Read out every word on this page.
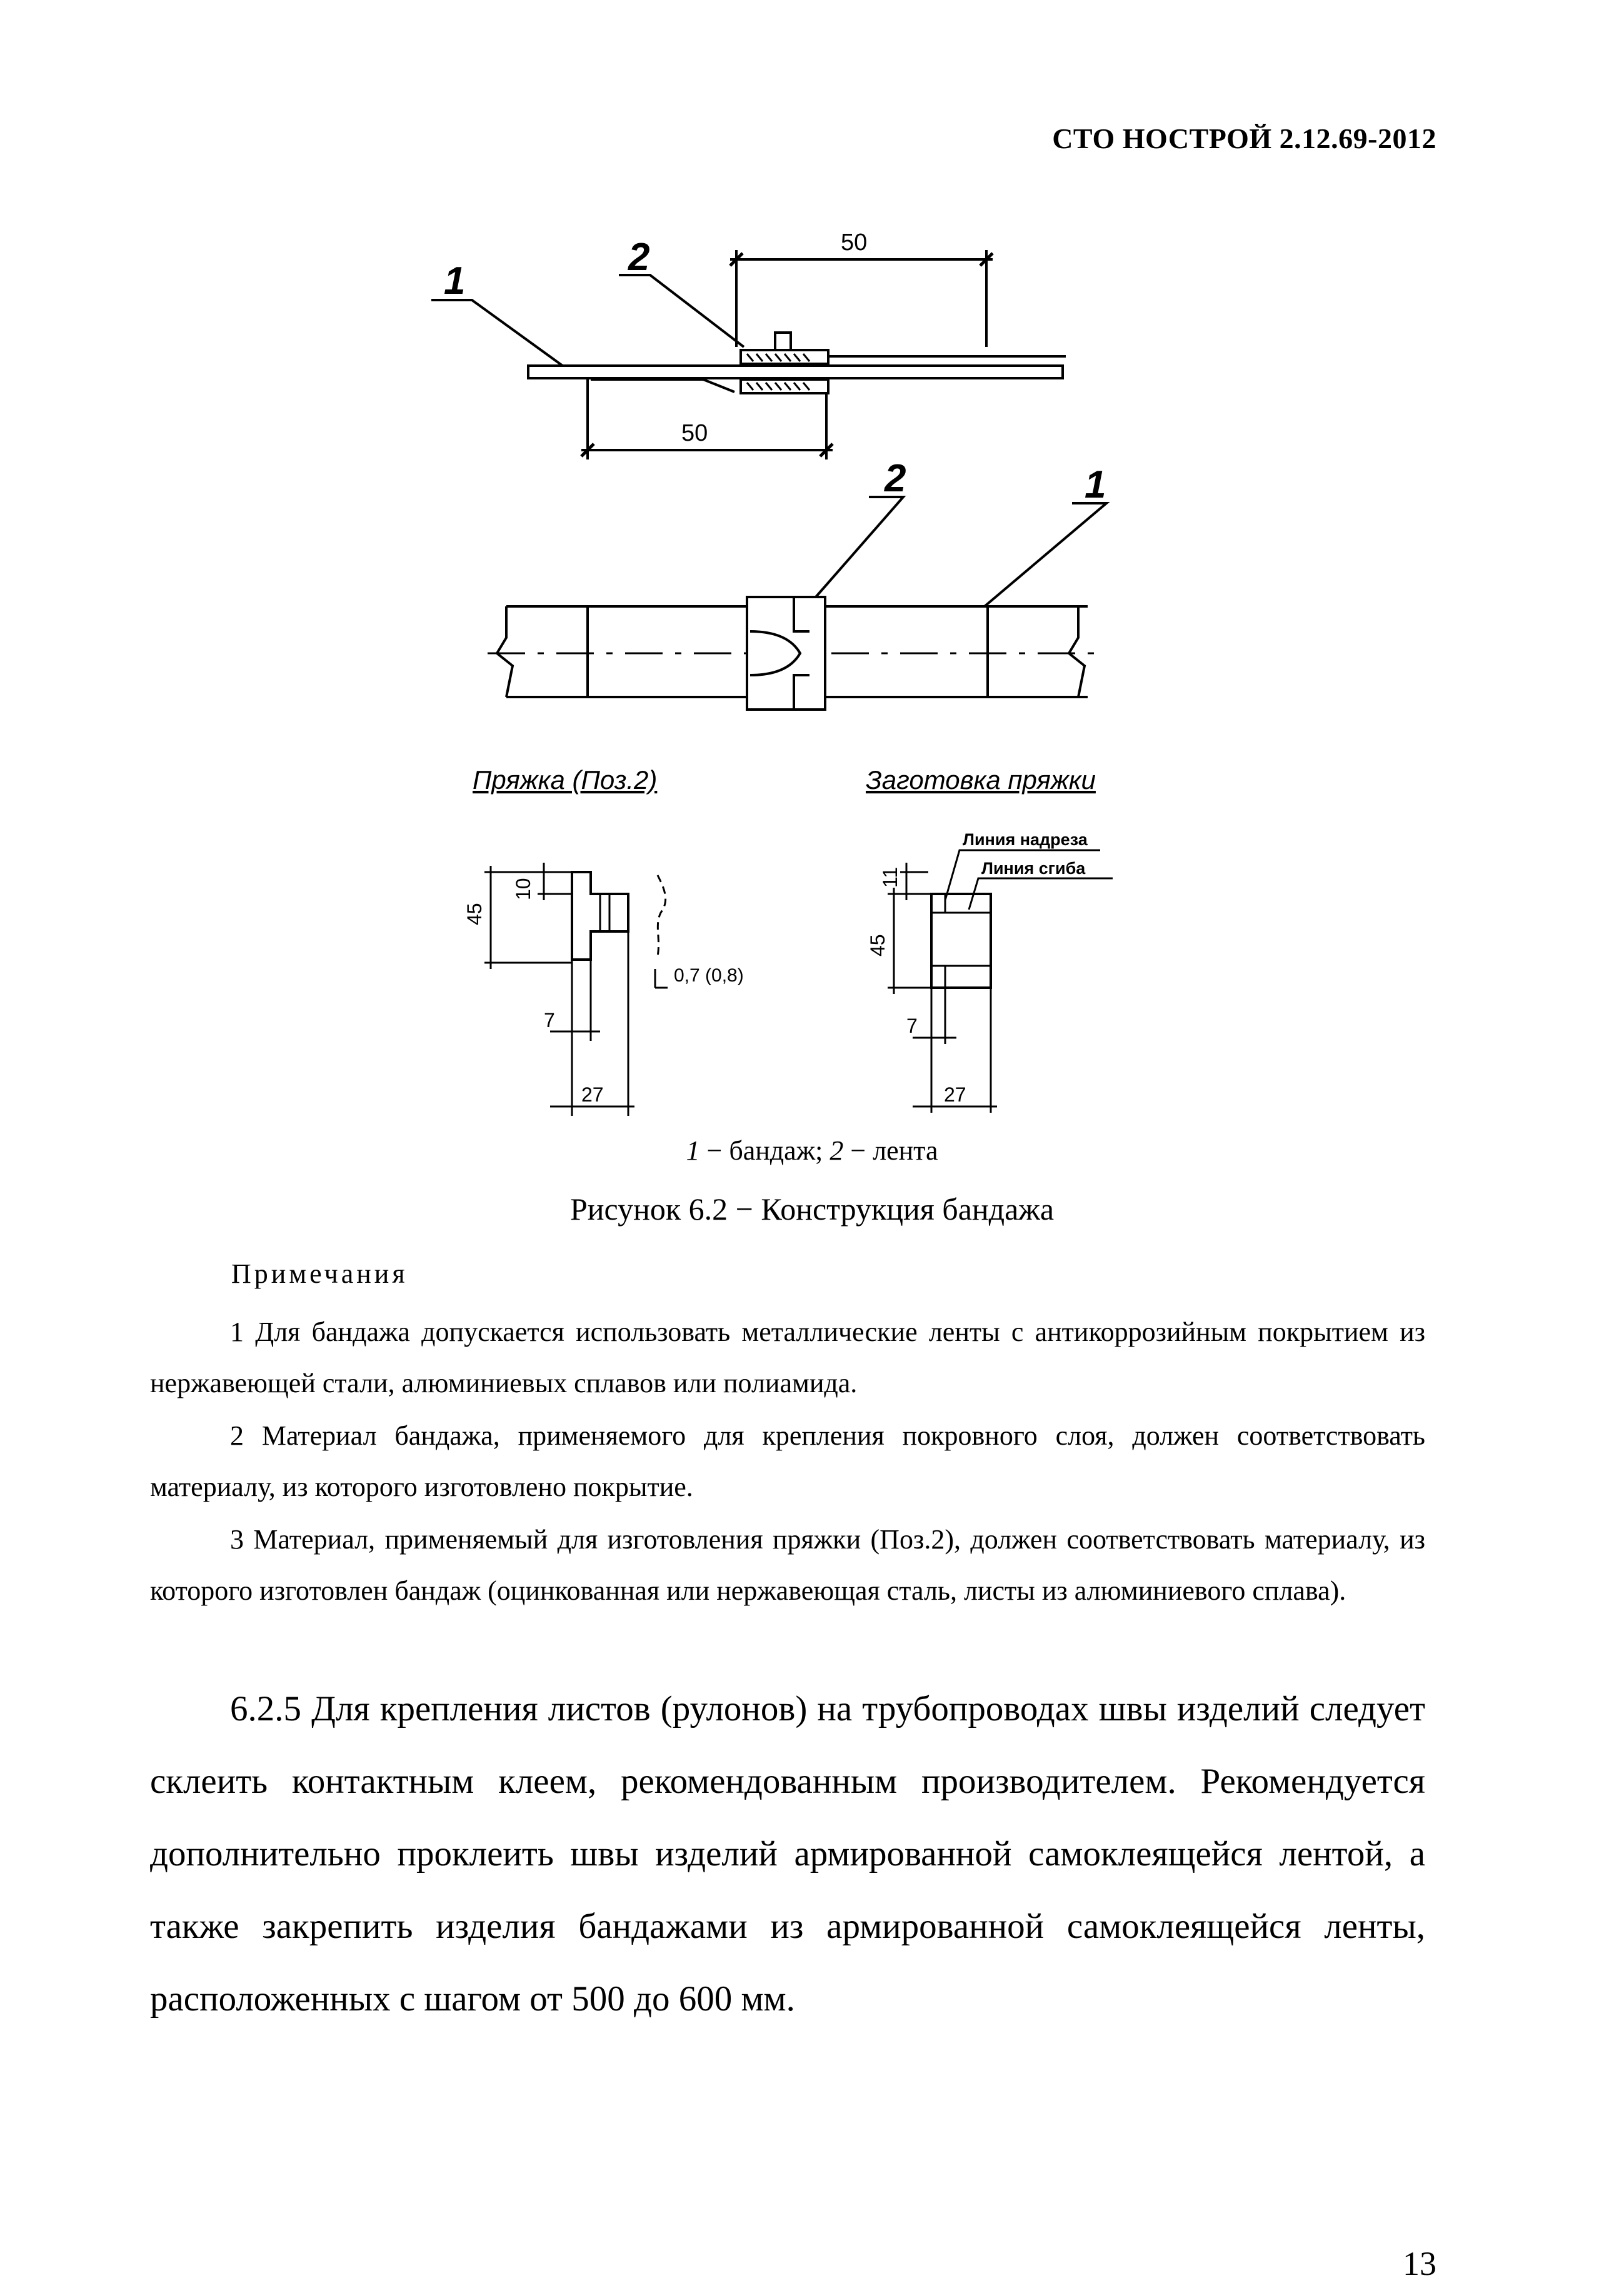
СТО НОСТРОЙ 2.12.69-2012
1
2
2	1
50
50
Пряжка (Поз.2)	Заготовка пряжки
45
10
7
27
0,7 (0,8)
11
45
7
27
Линия надреза
Линия сгиба
1 − бандаж; 2 − лента
Рисунок 6.2 − Конструкция бандажа
Примечания
1 Для бандажа допускается использовать металлические ленты с антикоррозийным покрытием из нержавеющей стали, алюминиевых сплавов или полиамида.
2 Материал бандажа, применяемого для крепления покровного слоя, должен соответствовать материалу, из которого изготовлено покрытие.
3 Материал, применяемый для изготовления пряжки (Поз.2), должен соответствовать материалу, из которого изготовлен бандаж (оцинкованная или нержавеющая сталь, листы из алюминиевого сплава).
6.2.5 Для крепления листов (рулонов) на трубопроводах швы изделий следует склеить контактным клеем, рекомендованным производителем. Рекомендуется дополнительно проклеить швы изделий армированной самоклеящейся лентой, а также закрепить изделия бандажами из армированной самоклеящейся ленты, расположенных с шагом от 500 до 600 мм.
13
